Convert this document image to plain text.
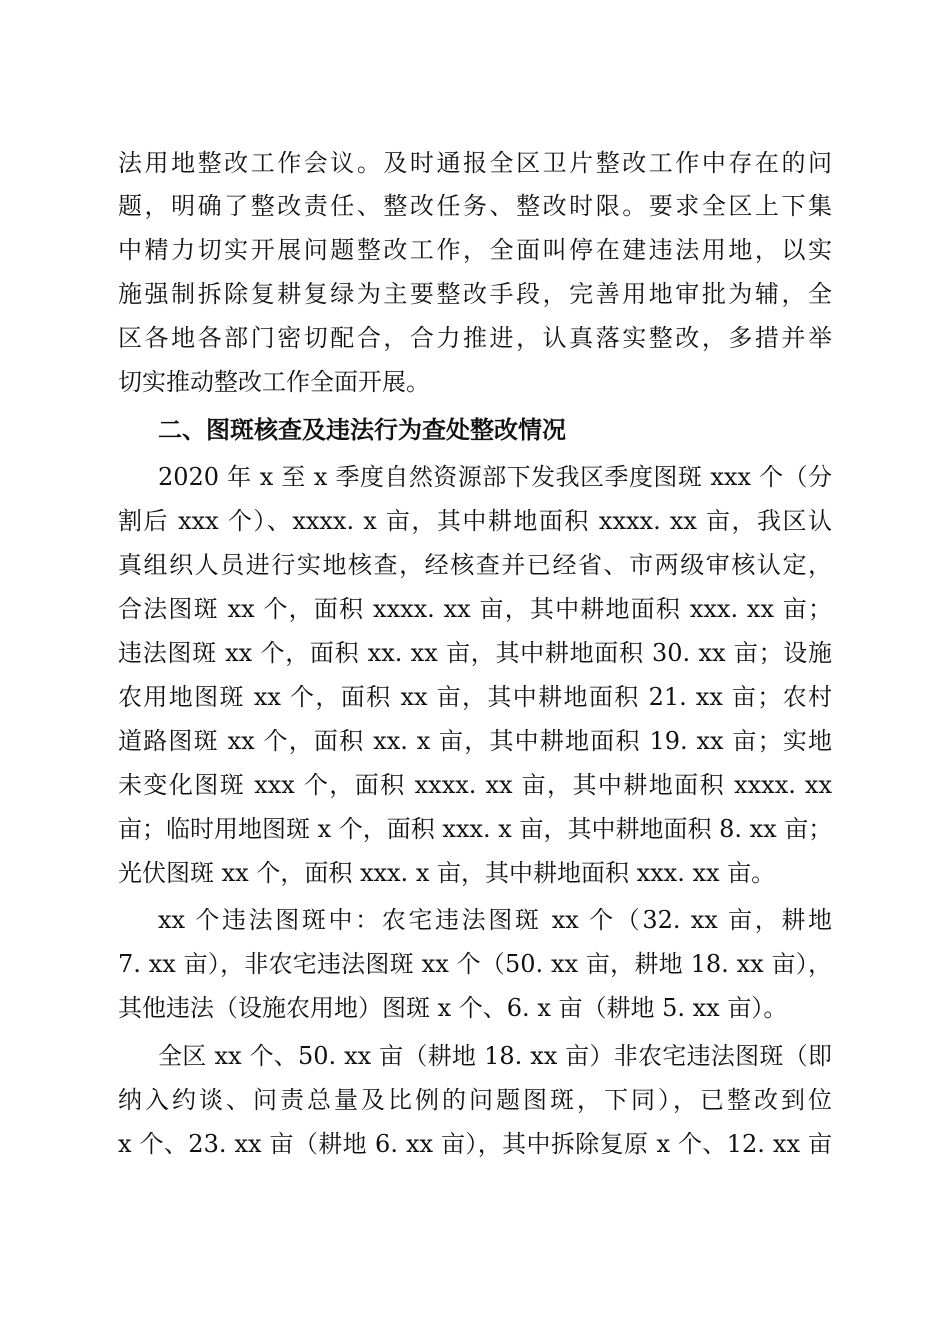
法用地整改工作会议。及时通报全区卫片整改工作中存在的问
题，明确了整改责任、整改任务、整改时限。要求全区上下集
中精力切实开展问题整改工作，全面叫停在建违法用地，以实
施强制拆除复耕复绿为主要整改手段，完善用地审批为辅，全
区各地各部门密切配合，合力推进，认真落实整改，多措并举
切实推动整改工作全面开展。
二、图斑核查及违法行为查处整改情况
2020 年 x 至 x 季度自然资源部下发我区季度图斑 xxx 个（分
割后 xxx 个）、xxxx. x 亩，其中耕地面积 xxxx. xx 亩，我区认
真组织人员进行实地核查，经核查并已经省、市两级审核认定，
合法图斑 xx 个，面积 xxxx. xx 亩，其中耕地面积 xxx. xx 亩；
违法图斑 xx 个，面积 xx. xx 亩，其中耕地面积 30. xx 亩；设施
农用地图斑 xx 个，面积 xx 亩，其中耕地面积 21. xx 亩；农村
道路图斑 xx 个，面积 xx. x 亩，其中耕地面积 19. xx 亩；实地
未变化图斑 xxx 个，面积 xxxx. xx 亩，其中耕地面积 xxxx. xx
亩；临时用地图斑 x 个，面积 xxx. x 亩，其中耕地面积 8. xx 亩；
光伏图斑 xx 个，面积 xxx. x 亩，其中耕地面积 xxx. xx 亩。
xx 个违法图斑中：农宅违法图斑 xx 个（32. xx 亩，耕地
7. xx 亩），非农宅违法图斑 xx 个（50. xx 亩，耕地 18. xx 亩），
其他违法（设施农用地）图斑 x 个、6. x 亩（耕地 5. xx 亩）。
全区 xx 个、50. xx 亩（耕地 18. xx 亩）非农宅违法图斑（即
纳入约谈、问责总量及比例的问题图斑，下同），已整改到位
x 个、23. xx 亩（耕地 6. xx 亩），其中拆除复原 x 个、12. xx 亩
